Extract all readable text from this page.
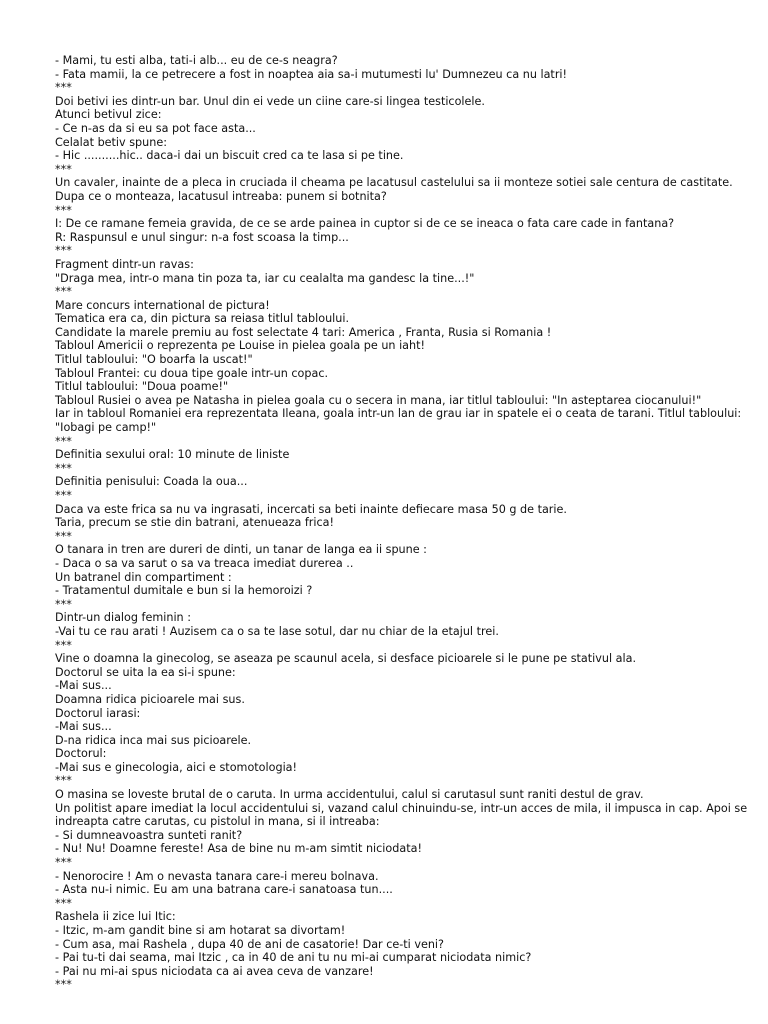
- Mami, tu esti alba, tati-i alb... eu de ce-s neagra?
- Fata mamii, la ce petrecere a fost in noaptea aia sa-i mutumesti lu' Dumnezeu ca nu latri!
***
Doi betivi ies dintr-un bar. Unul din ei vede un ciine care-si lingea testicolele.
Atunci betivul zice:
- Ce n-as da si eu sa pot face asta...
Celalat betiv spune:
- Hic ..........hic.. daca-i dai un biscuit cred ca te lasa si pe tine.
***
Un cavaler, inainte de a pleca in cruciada il cheama pe lacatusul castelului sa ii monteze sotiei sale centura de castitate.
Dupa ce o monteaza, lacatusul intreaba: punem si botnita?
***
I: De ce ramane femeia gravida, de ce se arde painea in cuptor si de ce se ineaca o fata care cade in fantana?
R: Raspunsul e unul singur: n-a fost scoasa la timp...
***
Fragment dintr-un ravas:
"Draga mea, intr-o mana tin poza ta, iar cu cealalta ma gandesc la tine...!"
***
Mare concurs international de pictura!
Tematica era ca, din pictura sa reiasa titlul tabloului.
Candidate la marele premiu au fost selectate 4 tari: America , Franta, Rusia si Romania !
Tabloul Americii o reprezenta pe Louise in pielea goala pe un iaht!
Titlul tabloului: "O boarfa la uscat!"
Tabloul Frantei: cu doua tipe goale intr-un copac.
Titlul tabloului: "Doua poame!"
Tabloul Rusiei o avea pe Natasha in pielea goala cu o secera in mana, iar titlul tabloului: "In asteptarea ciocanului!"
Iar in tabloul Romaniei era reprezentata Ileana, goala intr-un lan de grau iar in spatele ei o ceata de tarani. Titlul tabloului: "Iobagi pe camp!"
***
Definitia sexului oral: 10 minute de liniste
***
Definitia penisului: Coada la oua...
***
Daca va este frica sa nu va ingrasati, incercati sa beti inainte defiecare masa 50 g de tarie.
Taria, precum se stie din batrani, atenueaza frica!
***
O tanara in tren are dureri de dinti, un tanar de langa ea ii spune :
- Daca o sa va sarut o sa va treaca imediat durerea ..
Un batranel din compartiment :
- Tratamentul dumitale e bun si la hemoroizi ?
***
Dintr-un dialog feminin :
-Vai tu ce rau arati ! Auzisem ca o sa te lase sotul, dar nu chiar de la etajul trei.
***
Vine o doamna la ginecolog, se aseaza pe scaunul acela, si desface picioarele si le pune pe stativul ala.
Doctorul se uita la ea si-i spune:
-Mai sus...
Doamna ridica picioarele mai sus.
Doctorul iarasi:
-Mai sus...
D-na ridica inca mai sus picioarele.
Doctorul:
-Mai sus e ginecologia, aici e stomotologia!
***
O masina se loveste brutal de o caruta. In urma accidentului, calul si carutasul sunt raniti destul de grav.
Un politist apare imediat la locul accidentului si, vazand calul chinuindu-se, intr-un acces de mila, il impusca in cap. Apoi se indreapta catre carutas, cu pistolul in mana, si il intreaba:
- Si dumneavoastra sunteti ranit?
- Nu! Nu! Doamne fereste! Asa de bine nu m-am simtit niciodata!
***
- Nenorocire ! Am o nevasta tanara care-i mereu bolnava.
- Asta nu-i nimic. Eu am una batrana care-i sanatoasa tun....
***
Rashela ii zice lui Itic:
- Itzic, m-am gandit bine si am hotarat sa divortam!
- Cum asa, mai Rashela , dupa 40 de ani de casatorie! Dar ce-ti veni?
- Pai tu-ti dai seama, mai Itzic , ca in 40 de ani tu nu mi-ai cumparat niciodata nimic?
- Pai nu mi-ai spus niciodata ca ai avea ceva de vanzare!
***
